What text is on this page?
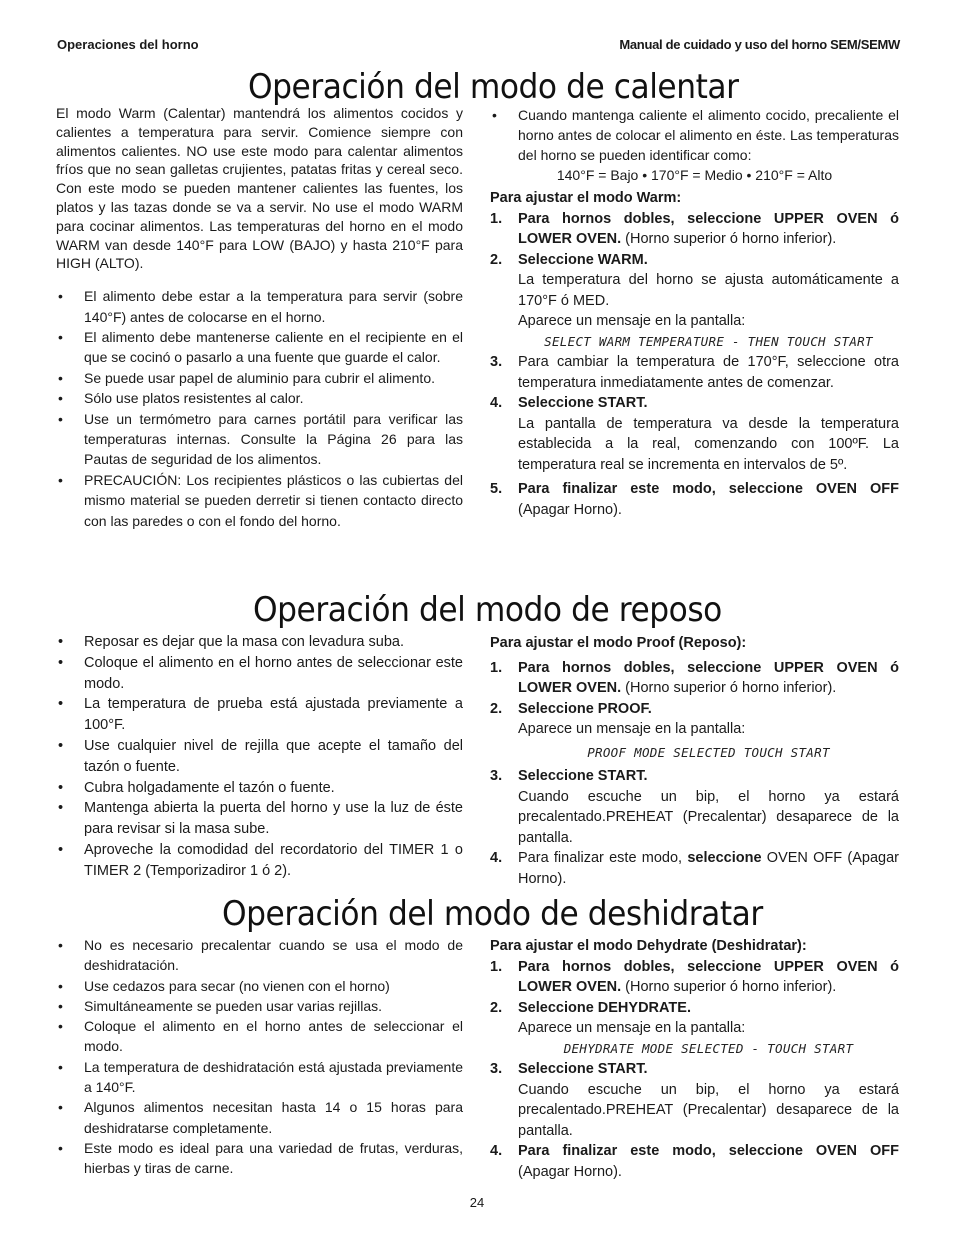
Operaciones del horno	Manual de cuidado y uso del horno SEM/SEMW
Operación del modo de calentar

El modo Warm (Calentar) mantendrá los alimentos cocidos y calientes a temperatura para servir. Comience siempre con alimentos calientes. NO use este modo para calentar alimentos fríos que no sean galletas crujientes, patatas fritas y cereal seco. Con este modo se pueden mantener calientes las fuentes, los platos y las tazas donde se va a servir. No use el modo WARM para cocinar alimentos. Las temperaturas del horno en el modo WARM van desde 140°F para LOW (BAJO) y hasta 210°F para HIGH (ALTO).

• El alimento debe estar a la temperatura para servir (sobre 140°F) antes de colocarse en el horno.
• El alimento debe mantenerse caliente en el recipiente en el que se cocinó o pasarlo a una fuente que guarde el calor.
• Se puede usar papel de aluminio para cubrir el alimento.
• Sólo use platos resistentes al calor.
• Use un termómetro para carnes portátil para verificar las temperaturas internas. Consulte la Página 26 para las Pautas de seguridad de los alimentos.
• PRECAUCIÓN: Los recipientes plásticos o las cubiertas del mismo material se pueden derretir si tienen contacto directo con las paredes o con el fondo del horno.
• Cuando mantenga caliente el alimento cocido, precaliente el horno antes de colocar el alimento en éste. Las temperaturas del horno se pueden identificar como:

140°F = Bajo • 170°F = Medio • 210°F = Alto

Para ajustar el modo Warm:

1. Para hornos dobles, seleccione UPPER OVEN ó LOWER OVEN. (Horno superior ó horno inferior).
2. Seleccione WARM.
La temperatura del horno se ajusta automáticamente a 170°F ó MED.
Aparece un mensaje en la pantalla:
SELECT WARM TEMPERATURE - THEN TOUCH START
3. Para cambiar la temperatura de 170°F, seleccione otra temperatura inmediatamente antes de comenzar.
4. Seleccione START.
La pantalla de temperatura va desde la temperatura establecida a la real, comenzando con 100ºF. La temperatura real se incrementa en intervalos de 5º.
5. Para finalizar este modo, seleccione OVEN OFF (Apagar Horno).
Operación del modo de reposo
• Reposar es dejar que la masa con levadura suba.
• Coloque el alimento en el horno antes de seleccionar este modo.
• La temperatura de prueba está ajustada previamente a 100°F.
• Use cualquier nivel de rejilla que acepte el tamaño del tazón o fuente.
• Cubra holgadamente el tazón o fuente.
• Mantenga abierta la puerta del horno y use la luz de éste para revisar si la masa sube.
• Aproveche la comodidad del recordatorio del TIMER 1 o TIMER 2 (Temporizadiror 1 ó 2).

Para ajustar el modo Proof (Reposo):

1. Para hornos dobles, seleccione UPPER OVEN ó LOWER OVEN. (Horno superior ó horno inferior).
2. Seleccione PROOF.
Aparece un mensaje en la pantalla:
PROOF MODE SELECTED TOUCH START
3. Seleccione START.
Cuando escuche un bip, el horno ya estará precalentado.PREHEAT (Precalentar) desaparece de la pantalla.
4. Para finalizar este modo, seleccione OVEN OFF (Apagar Horno).
Operación del modo de deshidratar
• No es necesario precalentar cuando se usa el modo de deshidratación.
• Use cedazos para secar (no vienen con el horno)
• Simultáneamente se pueden usar varias rejillas.
• Coloque el alimento en el horno antes de seleccionar el modo.
• La temperatura de deshidratación está ajustada previamente a 140°F.
• Algunos alimentos necesitan hasta 14 o 15 horas para deshidratarse completamente.
• Este modo es ideal para una variedad de frutas, verduras, hierbas y tiras de carne.

Para ajustar el modo Dehydrate (Deshidratar):

1. Para hornos dobles, seleccione UPPER OVEN ó LOWER OVEN. (Horno superior ó horno inferior).
2. Seleccione DEHYDRATE.
Aparece un mensaje en la pantalla:
DEHYDRATE MODE SELECTED - TOUCH START
3. Seleccione START.
Cuando escuche un bip, el horno ya estará precalentado.PREHEAT (Precalentar) desaparece de la pantalla.
4. Para finalizar este modo, seleccione OVEN OFF (Apagar Horno).
24
